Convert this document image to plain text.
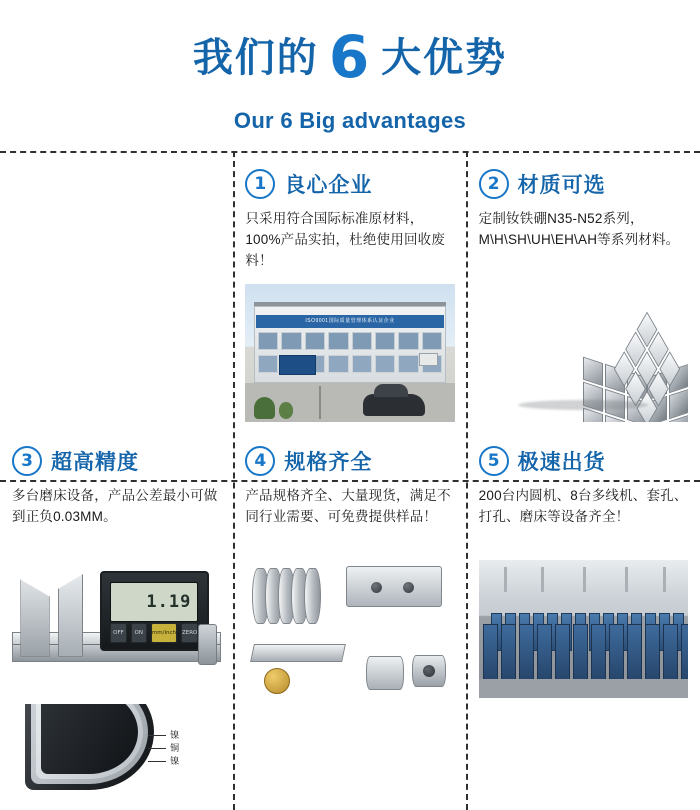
我们的 6 大优势
Our 6 Big advantages
1 良心企业
只采用符合国际标准原材料，100%产品实拍，杜绝使用回收废料！
ISO9001国际质量管理体系认证企业
2 材质可选
定制钕铁硼N35-N52系列，M\H\SH\UH\EH\AH等系列材料。
3 超高精度
多台磨床设备，产品公差最小可做到正负0.03MM。
1.19
OFF	ON	mm/inch ZERO
4 规格齐全
产品规格齐全、大量现货，满足不同行业需要、可免费提供样品！
5 极速出货
200台内圆机、8台多线机、套孔、打孔、磨床等设备齐全！
镍
铜
镍
